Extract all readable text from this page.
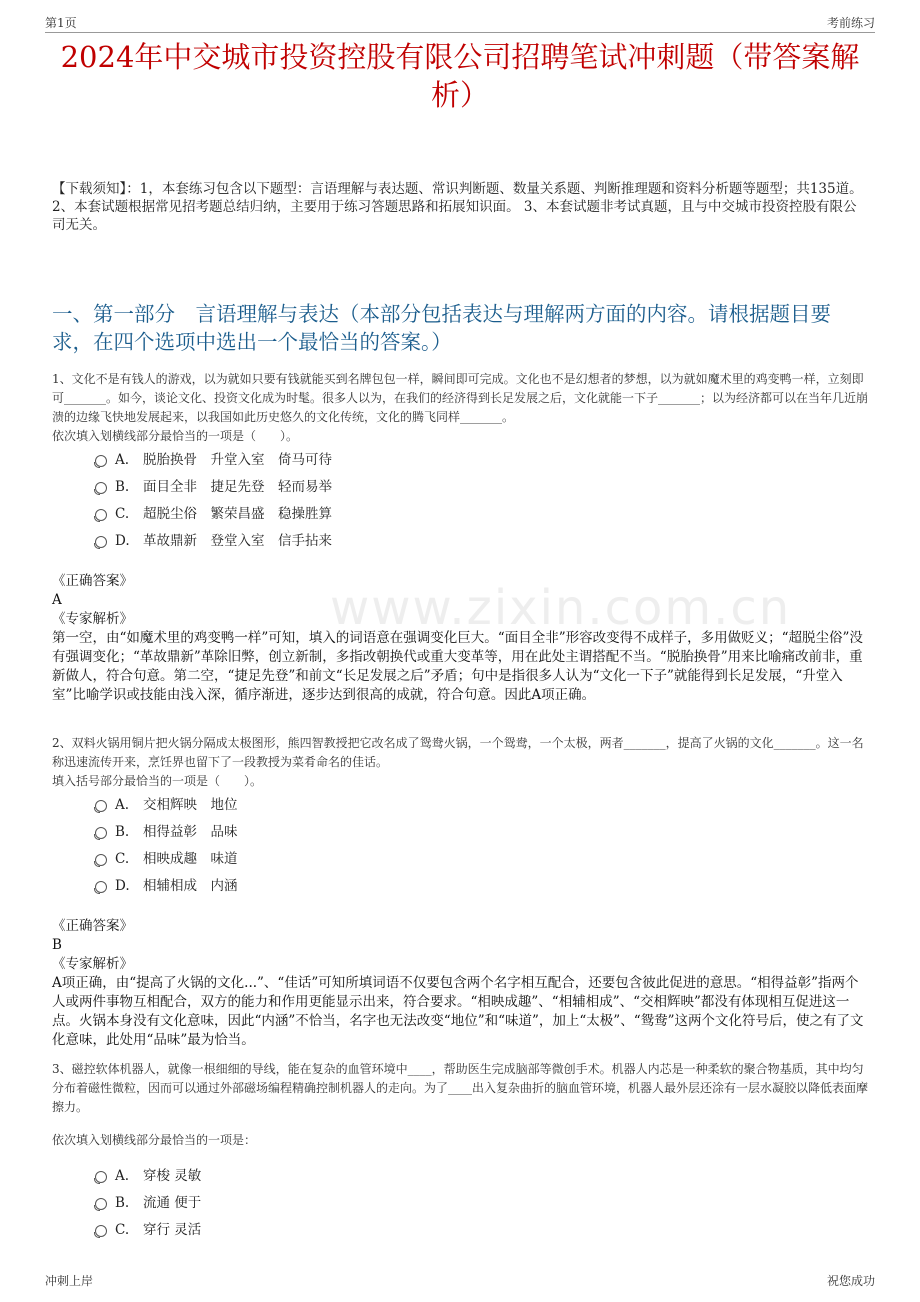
第1页	考前练习
www.zixin.com.cn
2024年中交城市投资控股有限公司招聘笔试冲刺题（带答案解析）
【下载须知】：1，本套练习包含以下题型：言语理解与表达题、常识判断题、数量关系题、判断推理题和资料分析题等题型；共135道。 2、本套试题根据常见招考题总结归纳，主要用于练习答题思路和拓展知识面。 3、本套试题非考试真题，且与中交城市投资控股有限公司无关。
一、第一部分　言语理解与表达（本部分包括表达与理解两方面的内容。请根据题目要求，在四个选项中选出一个最恰当的答案。）
1、文化不是有钱人的游戏，以为就如只要有钱就能买到名牌包包一样，瞬间即可完成。文化也不是幻想者的梦想，以为就如魔术里的鸡变鸭一样，立刻即可_______。如今，谈论文化、投资文化成为时髦。很多人以为，在我们的经济得到长足发展之后，文化就能一下子_______；以为经济都可以在当年几近崩溃的边缘飞快地发展起来，以我国如此历史悠久的文化传统，文化的腾飞同样_______。
依次填入划横线部分最恰当的一项是（　　）。
A. 脱胎换骨　升堂入室　倚马可待
B. 面目全非　捷足先登　轻而易举
C. 超脱尘俗　繁荣昌盛　稳操胜算
D. 革故鼎新　登堂入室　信手拈来
《正确答案》
A
《专家解析》
第一空，由“如魔术里的鸡变鸭一样”可知，填入的词语意在强调变化巨大。“面目全非”形容改变得不成样子，多用做贬义；“超脱尘俗”没有强调变化；“革故鼎新”革除旧弊，创立新制，多指改朝换代或重大变革等，用在此处主谓搭配不当。“脱胎换骨”用来比喻痛改前非，重新做人，符合句意。第二空，“捷足先登”和前文“长足发展之后”矛盾；句中是指很多人认为“文化一下子”就能得到长足发展，“升堂入室”比喻学识或技能由浅入深，循序渐进，逐步达到很高的成就，符合句意。因此A项正确。
2、双料火锅用铜片把火锅分隔成太极图形，熊四智教授把它改名成了鸳鸯火锅，一个鸳鸯，一个太极，两者_______，提高了火锅的文化_______。这一名称迅速流传开来，烹饪界也留下了一段教授为菜肴命名的佳话。
填入括号部分最恰当的一项是（　　）。
A. 交相辉映　地位
B. 相得益彰　品味
C. 相映成趣　味道
D. 相辅相成　内涵
《正确答案》
B
《专家解析》
A项正确，由“提高了火锅的文化...”、“佳话”可知所填词语不仅要包含两个名字相互配合，还要包含彼此促进的意思。“相得益彰”指两个人或两件事物互相配合，双方的能力和作用更能显示出来，符合要求。“相映成趣”、“相辅相成”、“交相辉映”都没有体现相互促进这一点。火锅本身没有文化意味，因此“内涵”不恰当，名字也无法改变“地位”和“味道”，加上“太极”、“鸳鸯”这两个文化符号后，使之有了文化意味，此处用“品味”最为恰当。
3、磁控软体机器人，就像一根细细的导线，能在复杂的血管环境中____，帮助医生完成脑部等微创手术。机器人内芯是一种柔软的聚合物基质，其中均匀分布着磁性微粒，因而可以通过外部磁场编程精确控制机器人的走向。为了____出入复杂曲折的脑血管环境，机器人最外层还涂有一层水凝胶以降低表面摩擦力。
依次填入划横线部分最恰当的一项是：
A. 穿梭 灵敏
B. 流通 便于
C. 穿行 灵活
冲刺上岸	祝您成功
